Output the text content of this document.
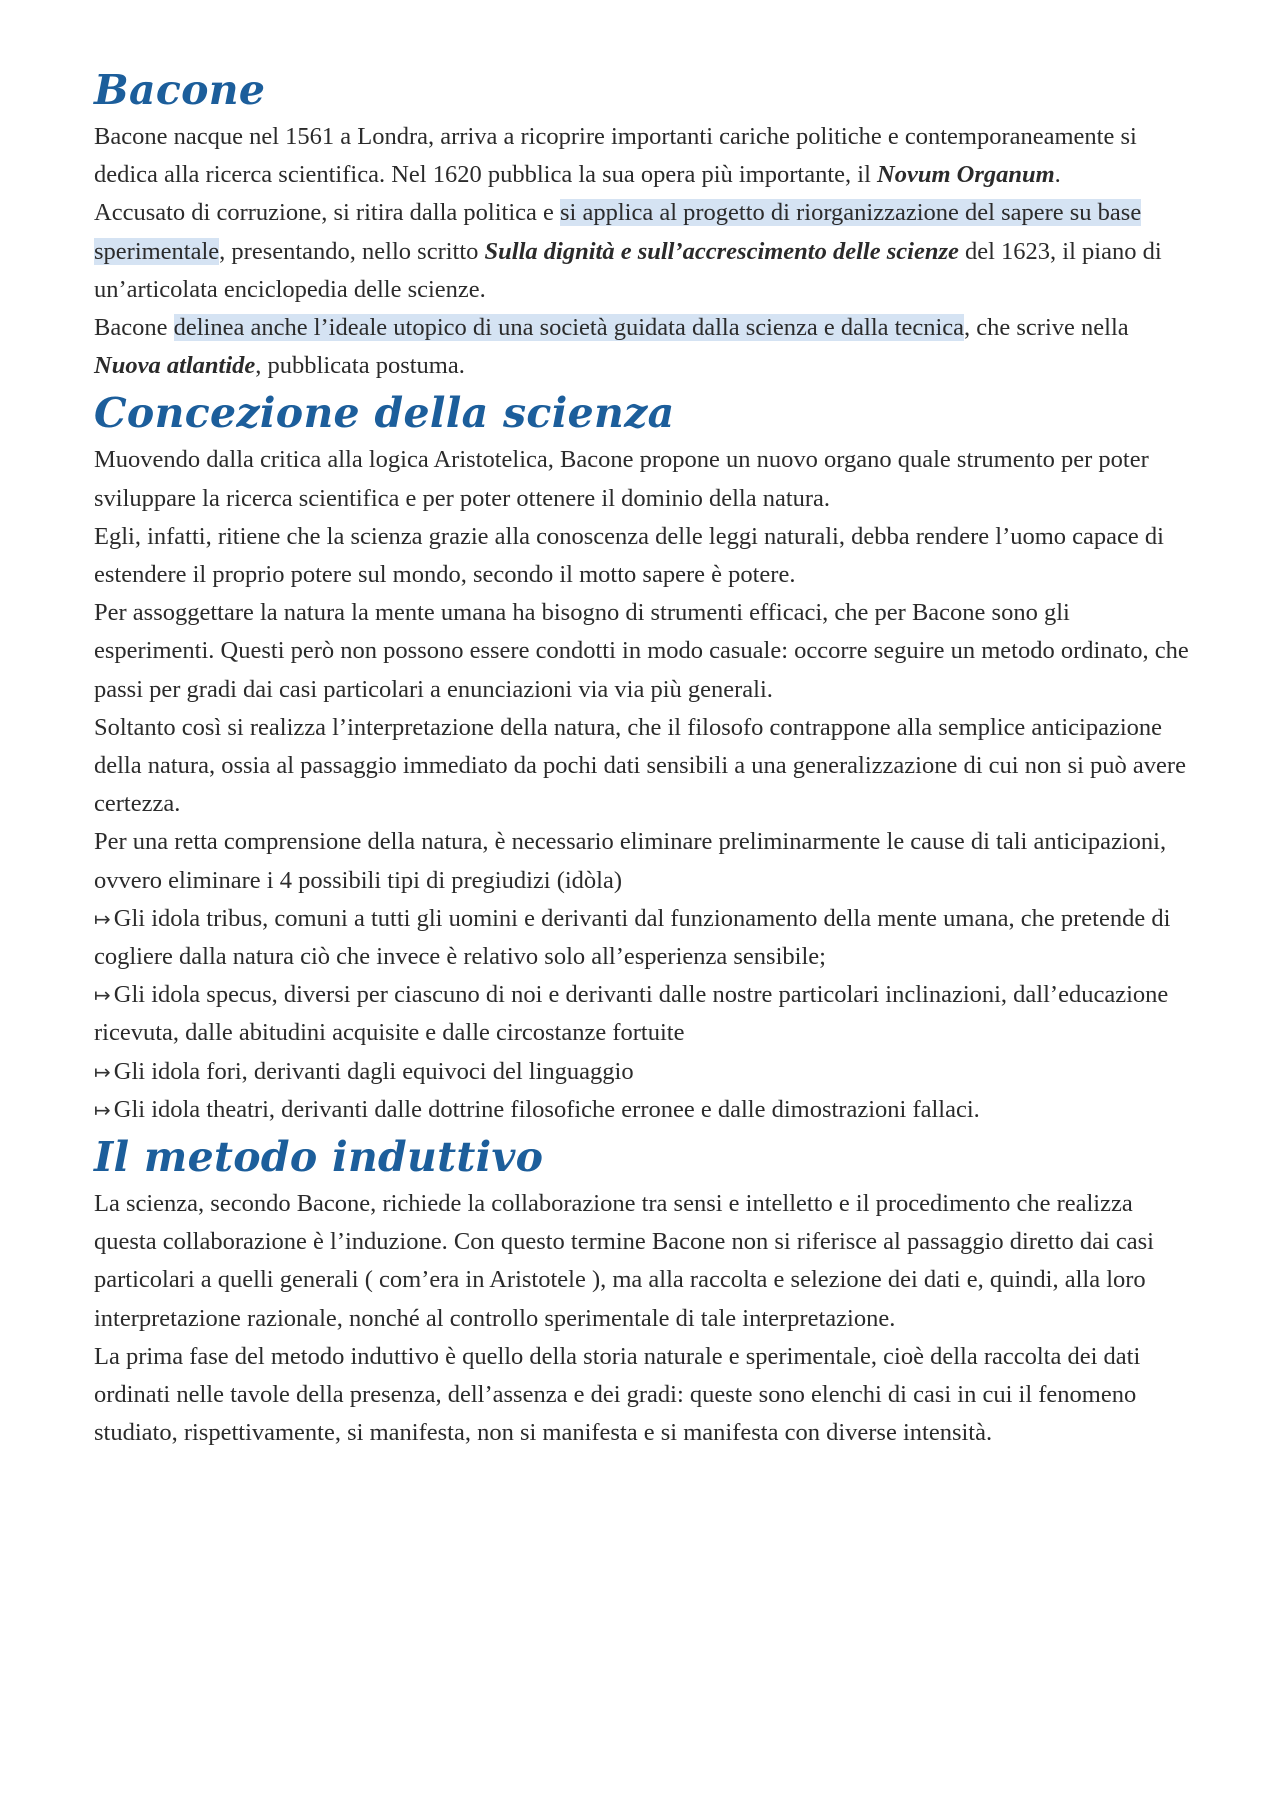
Bacone

Bacone nacque nel 1561 a Londra, arriva a ricoprire importanti cariche politiche e contemporaneamente si dedica alla ricerca scientifica. Nel 1620 pubblica la sua opera più importante, il Novum Organum.

Accusato di corruzione, si ritira dalla politica e si applica al progetto di riorganizzazione del sapere su base sperimentale, presentando, nello scritto Sulla dignità e sull’accrescimento delle scienze del 1623, il piano di un’articolata enciclopedia delle scienze.

Bacone delinea anche l’ideale utopico di una società guidata dalla scienza e dalla tecnica, che scrive nella Nuova atlantide, pubblicata postuma.

Concezione della scienza

Muovendo dalla critica alla logica Aristotelica, Bacone propone un nuovo organo quale strumento per poter sviluppare la ricerca scientifica e per poter ottenere il dominio della natura.

Egli, infatti, ritiene che la scienza grazie alla conoscenza delle leggi naturali, debba rendere l’uomo capace di estendere il proprio potere sul mondo, secondo il motto sapere è potere.

Per assoggettare la natura la mente umana ha bisogno di strumenti efficaci, che per Bacone sono gli esperimenti. Questi però non possono essere condotti in modo casuale: occorre seguire un metodo ordinato, che passi per gradi dai casi particolari a enunciazioni via via più generali.

Soltanto così si realizza l’interpretazione della natura, che il filosofo contrappone alla semplice anticipazione della natura, ossia al passaggio immediato da pochi dati sensibili a una generalizzazione di cui non si può avere certezza.

Per una retta comprensione della natura, è necessario eliminare preliminarmente le cause di tali anticipazioni, ovvero eliminare i 4 possibili tipi di pregiudizi (idòla)

↦ Gli idola tribus, comuni a tutti gli uomini e derivanti dal funzionamento della mente umana, che pretende di cogliere dalla natura ciò che invece è relativo solo all’esperienza sensibile;

↦ Gli idola specus, diversi per ciascuno di noi e derivanti dalle nostre particolari inclinazioni, dall’educazione ricevuta, dalle abitudini acquisite e dalle circostanze fortuite

↦ Gli idola fori, derivanti dagli equivoci del linguaggio

↦ Gli idola theatri, derivanti dalle dottrine filosofiche erronee e dalle dimostrazioni fallaci.

Il metodo induttivo

La scienza, secondo Bacone, richiede la collaborazione tra sensi e intelletto e il procedimento che realizza questa collaborazione è l’induzione. Con questo termine Bacone non si riferisce al passaggio diretto dai casi particolari a quelli generali ( com’era in Aristotele ), ma alla raccolta e selezione dei dati e, quindi, alla loro interpretazione razionale, nonché al controllo sperimentale di tale interpretazione.

La prima fase del metodo induttivo è quello della storia naturale e sperimentale, cioè della raccolta dei dati ordinati nelle tavole della presenza, dell’assenza e dei gradi: queste sono elenchi di casi in cui il fenomeno studiato, rispettivamente, si manifesta, non si manifesta e si manifesta con diverse intensità.
